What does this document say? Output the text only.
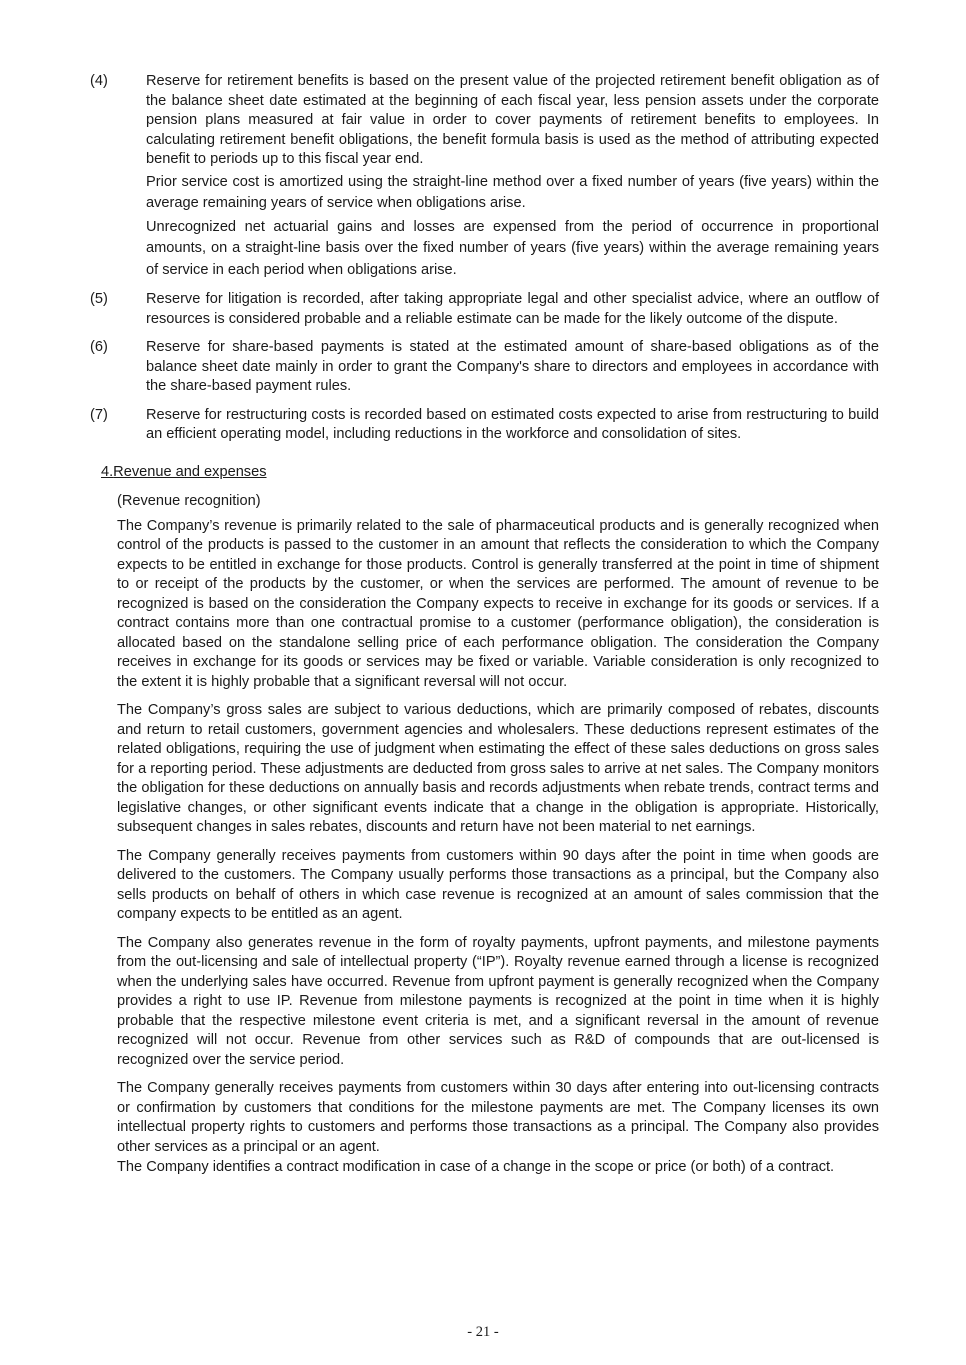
(4)	Reserve for retirement benefits is based on the present value of the projected retirement benefit obligation as of the balance sheet date estimated at the beginning of each fiscal year, less pension assets under the corporate pension plans measured at fair value in order to cover payments of retirement benefits to employees. In calculating retirement benefit obligations, the benefit formula basis is used as the method of attributing expected benefit to periods up to this fiscal year end.

Prior service cost is amortized using the straight-line method over a fixed number of years (five years) within the average remaining years of service when obligations arise.

Unrecognized net actuarial gains and losses are expensed from the period of occurrence in proportional amounts, on a straight-line basis over the fixed number of years (five years) within the average remaining years of service in each period when obligations arise.

(5)	Reserve for litigation is recorded, after taking appropriate legal and other specialist advice, where an outflow of resources is considered probable and a reliable estimate can be made for the likely outcome of the dispute.

(6)	Reserve for share-based payments is stated at the estimated amount of share-based obligations as of the balance sheet date mainly in order to grant the Company's share to directors and employees in accordance with the share-based payment rules.

(7)	Reserve for restructuring costs is recorded based on estimated costs expected to arise from restructuring to build an efficient operating model, including reductions in the workforce and consolidation of sites.

4.Revenue and expenses
(Revenue recognition)

The Company’s revenue is primarily related to the sale of pharmaceutical products and is generally recognized when control of the products is passed to the customer in an amount that reflects the consideration to which the Company expects to be entitled in exchange for those products. Control is generally transferred at the point in time of shipment to or receipt of the products by the customer, or when the services are performed. The amount of revenue to be recognized is based on the consideration the Company expects to receive in exchange for its goods or services. If a contract contains more than one contractual promise to a customer (performance obligation), the consideration is allocated based on the standalone selling price of each performance obligation. The consideration the Company receives in exchange for its goods or services may be fixed or variable. Variable consideration is only recognized to the extent it is highly probable that a significant reversal will not occur.

The Company’s gross sales are subject to various deductions, which are primarily composed of rebates, discounts and return to retail customers, government agencies and wholesalers. These deductions represent estimates of the related obligations, requiring the use of judgment when estimating the effect of these sales deductions on gross sales for a reporting period. These adjustments are deducted from gross sales to arrive at net sales. The Company monitors the obligation for these deductions on annually basis and records adjustments when rebate trends, contract terms and legislative changes, or other significant events indicate that a change in the obligation is appropriate. Historically, subsequent changes in sales rebates, discounts and return have not been material to net earnings.

The Company generally receives payments from customers within 90 days after the point in time when goods are delivered to the customers. The Company usually performs those transactions as a principal, but the Company also sells products on behalf of others in which case revenue is recognized at an amount of sales commission that the company expects to be entitled as an agent.

The Company also generates revenue in the form of royalty payments, upfront payments, and milestone payments from the out-licensing and sale of intellectual property (“IP”). Royalty revenue earned through a license is recognized when the underlying sales have occurred. Revenue from upfront payment is generally recognized when the Company provides a right to use IP. Revenue from milestone payments is recognized at the point in time when it is highly probable that the respective milestone event criteria is met, and a significant reversal in the amount of revenue recognized will not occur. Revenue from other services such as R&D of compounds that are out-licensed is recognized over the service period.

The Company generally receives payments from customers within 30 days after entering into out-licensing contracts or confirmation by customers that conditions for the milestone payments are met. The Company licenses its own intellectual property rights to customers and performs those transactions as a principal. The Company also provides other services as a principal or an agent.

The Company identifies a contract modification in case of a change in the scope or price (or both) of a contract.

- 21 -
